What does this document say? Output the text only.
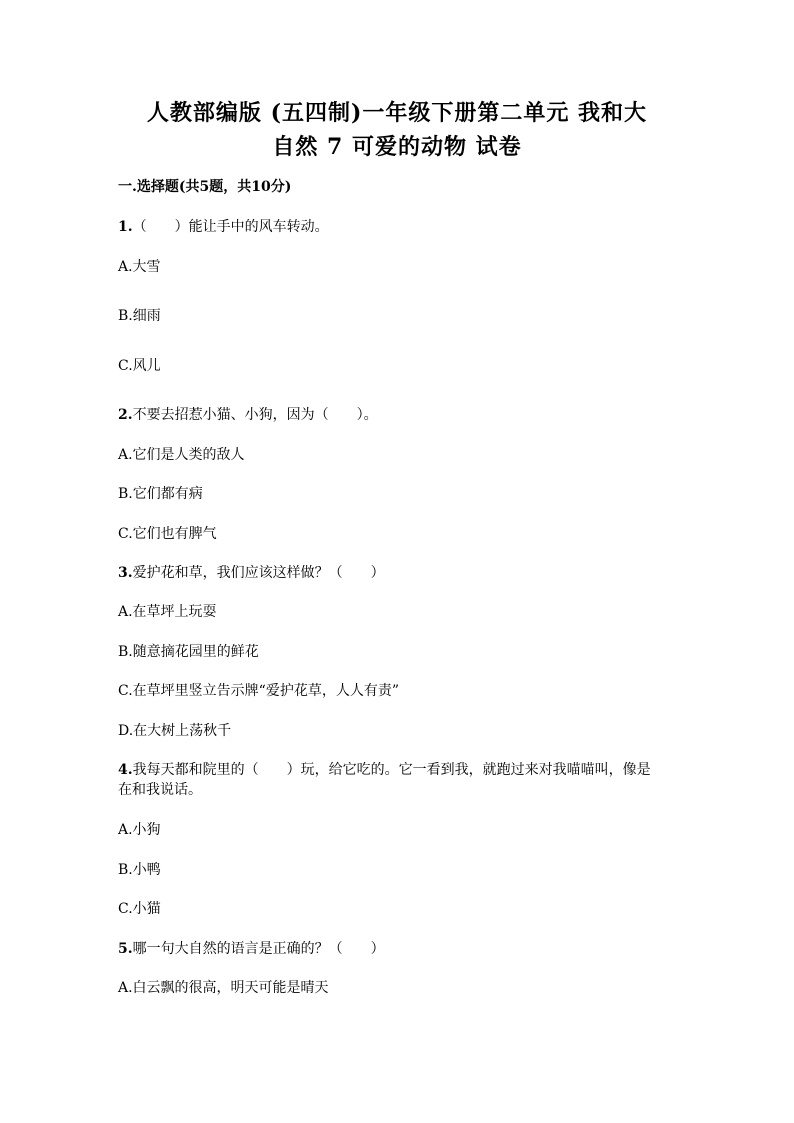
人教部编版 (五四制)一年级下册第二单元 我和大
自然 7 可爱的动物 试卷
一.选择题(共5题，共10分)
1.（　　）能让手中的风车转动。
A.大雪
B.细雨
C.风儿
2.不要去招惹小猫、小狗，因为（　　）。
A.它们是人类的敌人
B.它们都有病
C.它们也有脾气
3.爱护花和草，我们应该这样做？（　　）
A.在草坪上玩耍
B.随意摘花园里的鲜花
C.在草坪里竖立告示牌“爱护花草，人人有责”
D.在大树上荡秋千
4.我每天都和院里的（　　）玩，给它吃的。它一看到我，就跑过来对我喵喵叫，像是在和我说话。
A.小狗
B.小鸭
C.小猫
5.哪一句大自然的语言是正确的？（　　）
A.白云飘的很高，明天可能是晴天
